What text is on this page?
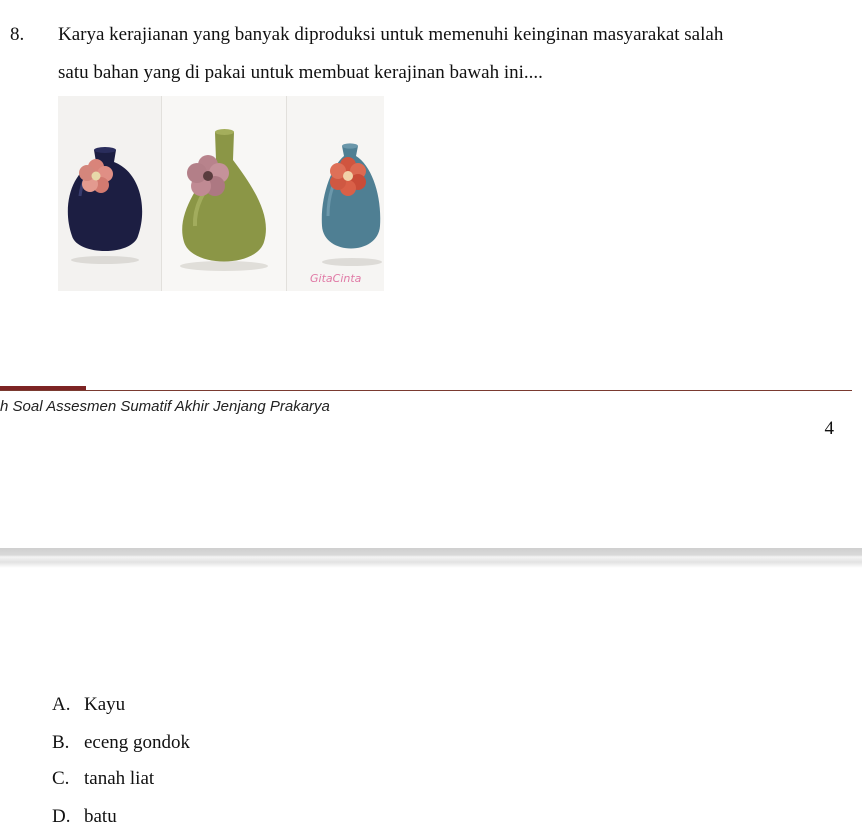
8. Karya kerajianan yang banyak diproduksi untuk memenuhi keinginan masyarakat salah
satu bahan yang di pakai untuk membuat kerajinan bawah ini....
GitaCinta
h Soal Assesmen Sumatif Akhir Jenjang Prakarya
4
A. Kayu
B. eceng gondok
C. tanah liat
D. batu
